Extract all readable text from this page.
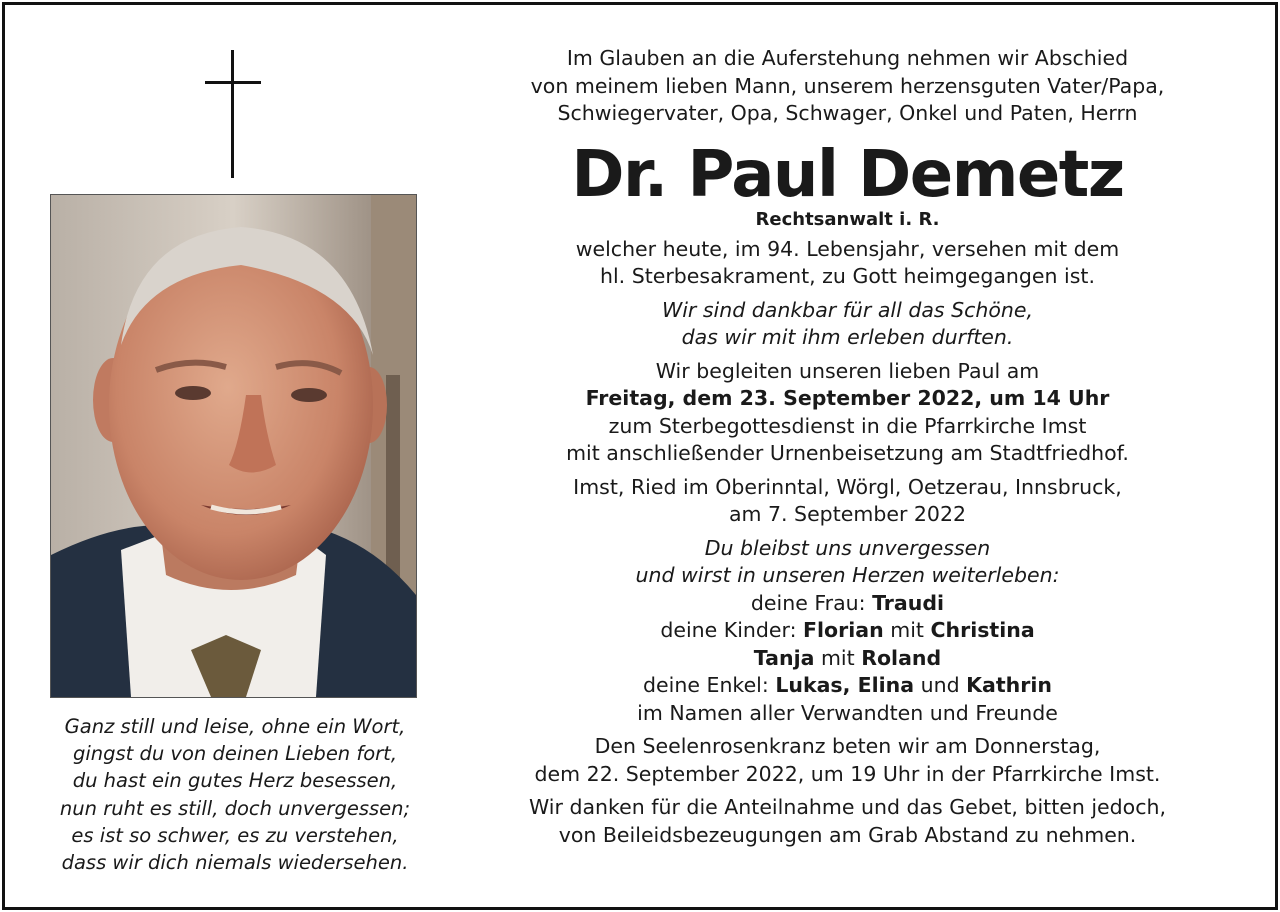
Ganz still und leise, ohne ein Wort,
gingst du von deinen Lieben fort,
du hast ein gutes Herz besessen,
nun ruht es still, doch unvergessen;
es ist so schwer, es zu verstehen,
dass wir dich niemals wiedersehen.
Im Glauben an die Auferstehung nehmen wir Abschied
von meinem lieben Mann, unserem herzensguten Vater/Papa,
Schwiegervater, Opa, Schwager, Onkel und Paten, Herrn
Dr. Paul Demetz
Rechtsanwalt i. R.
welcher heute, im 94. Lebensjahr, versehen mit dem
hl. Sterbesakrament, zu Gott heimgegangen ist.
Wir sind dankbar für all das Schöne,
das wir mit ihm erleben durften.
Wir begleiten unseren lieben Paul am
Freitag, dem 23. September 2022, um 14 Uhr
zum Sterbegottesdienst in die Pfarrkirche Imst
mit anschließender Urnenbeisetzung am Stadtfriedhof.
Imst, Ried im Oberinntal, Wörgl, Oetzerau, Innsbruck,
am 7. September 2022
Du bleibst uns unvergessen
und wirst in unseren Herzen weiterleben:
deine Frau: Traudi
deine Kinder: Florian mit Christina
Tanja mit Roland
deine Enkel: Lukas, Elina und Kathrin
im Namen aller Verwandten und Freunde
Den Seelenrosenkranz beten wir am Donnerstag,
dem 22. September 2022, um 19 Uhr in der Pfarrkirche Imst.
Wir danken für die Anteilnahme und das Gebet, bitten jedoch,
von Beileidsbezeugungen am Grab Abstand zu nehmen.
